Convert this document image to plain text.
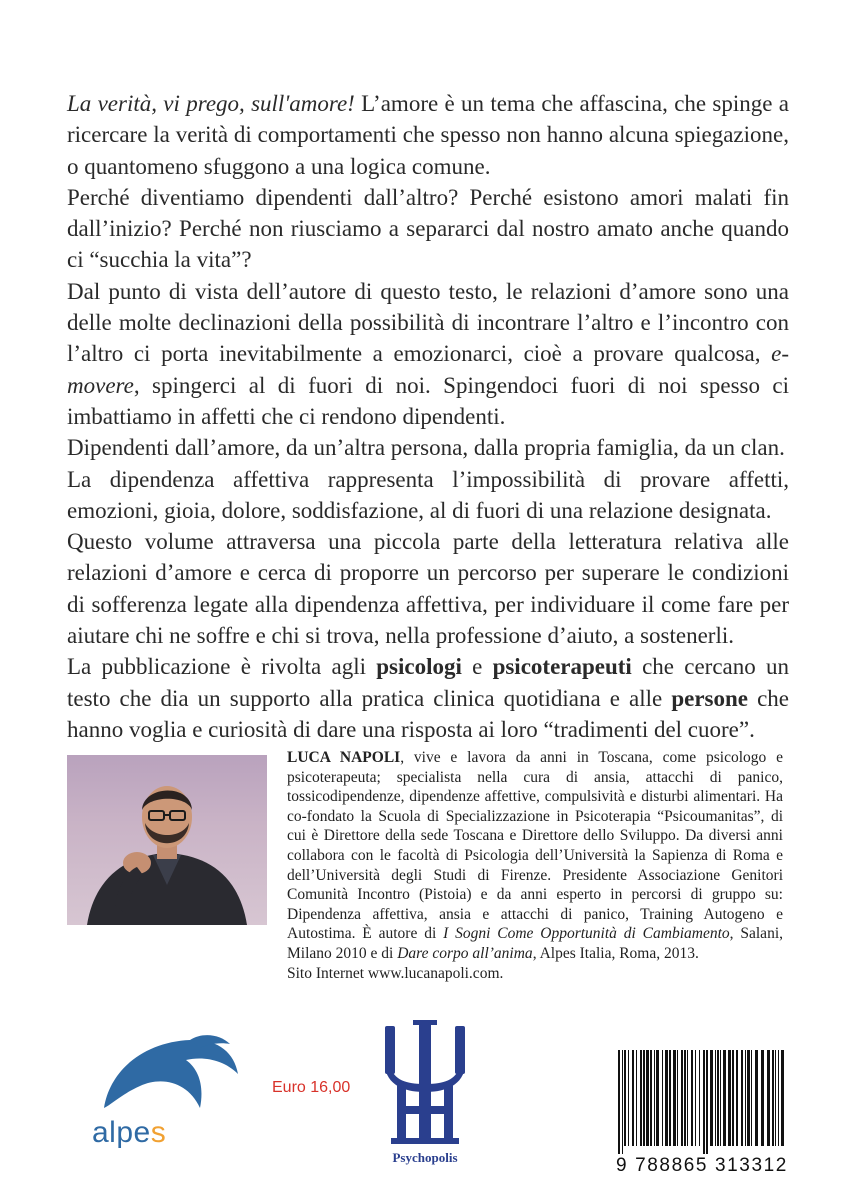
La verità, vi prego, sull'amore! L’amore è un tema che affascina, che spinge a ricercare la verità di comportamenti che spesso non hanno alcuna spiegazione, o quantomeno sfuggono a una logica comune.

Perché diventiamo dipendenti dall’altro? Perché esistono amori malati fin dall’inizio? Perché non riusciamo a separarci dal nostro amato anche quando ci “succhia la vita”?

Dal punto di vista dell’autore di questo testo, le relazioni d’amore sono una delle molte declinazioni della possibilità di incontrare l’altro e l’incontro con l’altro ci porta inevitabilmente a emozionarci, cioè a provare qualcosa, e-movere, spingerci al di fuori di noi. Spingendoci fuori di noi spesso ci imbattiamo in affetti che ci rendono dipendenti.

Dipendenti dall’amore, da un’altra persona, dalla propria famiglia, da un clan.

La dipendenza affettiva rappresenta l’impossibilità di provare affetti, emozioni, gioia, dolore, soddisfazione, al di fuori di una relazione designata.

Questo volume attraversa una piccola parte della letteratura relativa alle relazioni d’amore e cerca di proporre un percorso per superare le condizioni di sofferenza legate alla dipendenza affettiva, per individuare il come fare per aiutare chi ne soffre e chi si trova, nella professione d’aiuto, a sostenerli.

La pubblicazione è rivolta agli psicologi e psicoterapeuti che cercano un testo che dia un supporto alla pratica clinica quotidiana e alle persone che hanno voglia e curiosità di dare una risposta ai loro “tradimenti del cuore”.

LUCA NAPOLI, vive e lavora da anni in Toscana, come psicologo e psicoterapeuta; specialista nella cura di ansia, attacchi di panico, tossicodipendenze, dipendenze affettive, compulsività e disturbi alimentari. Ha co-fondato la Scuola di Specializzazione in Psicoterapia “Psicoumanitas”, di cui è Direttore della sede Toscana e Direttore dello Sviluppo. Da diversi anni collabora con le facoltà di Psicologia dell’Università la Sapienza di Roma e dell’Università degli Studi di Firenze. Presidente Associazione Genitori Comunità Incontro (Pistoia) e da anni esperto in percorsi di gruppo su: Dipendenza affettiva, ansia e attacchi di panico, Training Autogeno e Autostima. È autore di I Sogni Come Opportunità di Cambiamento, Salani, Milano 2010 e di Dare corpo all’anima, Alpes Italia, Roma, 2013.

Sito Internet www.lucanapoli.com.

alpes
Euro 16,00
Psychopolis	9 788865 313312
